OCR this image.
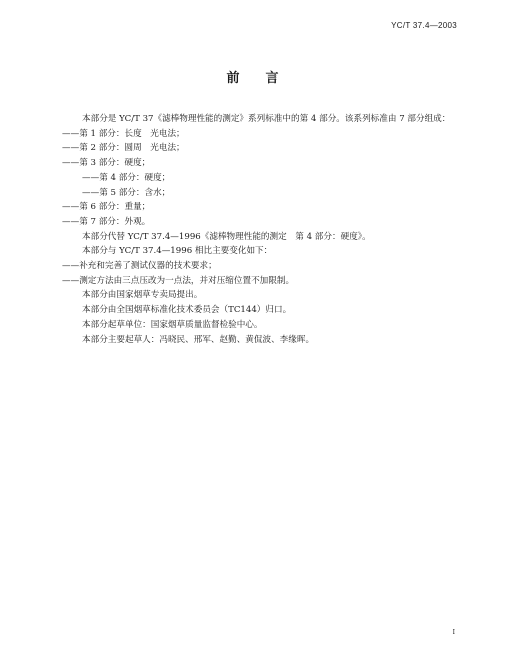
YC/T 37.4—2003
前言
本部分是 YC/T 37《滤棒物理性能的测定》系列标准中的第 4 部分。该系列标准由 7 部分组成：
——第 1 部分：长度　光电法；
——第 2 部分：圆周　光电法；
——第 3 部分：硬度；
——第 4 部分：硬度；
——第 5 部分：含水；
——第 6 部分：重量；
——第 7 部分：外观。
本部分代替 YC/T 37.4—1996《滤棒物理性能的测定　第 4 部分：硬度》。
本部分与 YC/T 37.4—1996 相比主要变化如下：
——补充和完善了测试仪器的技术要求；
——测定方法由三点压改为一点法，并对压缩位置不加限制。
本部分由国家烟草专卖局提出。
本部分由全国烟草标准化技术委员会（TC144）归口。
本部分起草单位：国家烟草质量监督检验中心。
本部分主要起草人：冯晓民、邢军、赵勤、黄侃波、李缘晖。
I
